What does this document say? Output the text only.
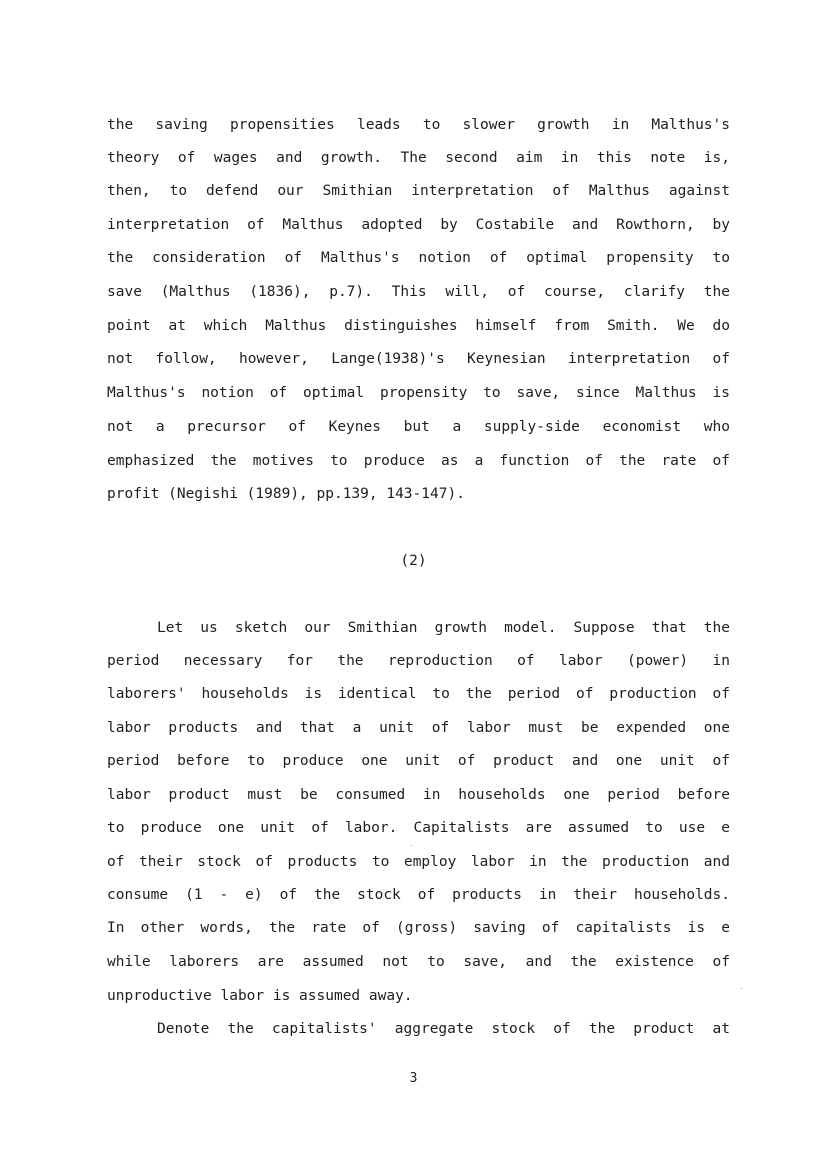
the saving propensities leads to slower growth in Malthus's
theory of wages and growth. The second aim in this note is,
then, to defend our Smithian interpretation of Malthus against
interpretation of Malthus adopted by Costabile and Rowthorn, by
the consideration of Malthus's notion of optimal propensity to
save (Malthus (1836), p.7). This will, of course, clarify the
point at which Malthus distinguishes himself from Smith. We do
not follow, however, Lange(1938)'s Keynesian interpretation of
Malthus's notion of optimal propensity to save, since Malthus is
not a precursor of Keynes but a supply-side economist who
emphasized the motives to produce as a function of the rate of
profit (Negishi (1989), pp.139, 143-147).
(2)
Let us sketch our Smithian growth model. Suppose that the
period necessary for the reproduction of labor (power) in
laborers' households is identical to the period of production of
labor products and that a unit of labor must be expended one
period before to produce one unit of product and one unit of
labor product must be consumed in households one period before
to produce one unit of labor. Capitalists are assumed to use e
of their stock of products to employ labor in the production and
consume (1 - e) of the stock of products in their households.
In other words, the rate of (gross) saving of capitalists is e
while laborers are assumed not to save, and the existence of
unproductive labor is assumed away.
Denote the capitalists' aggregate stock of the product at
3
